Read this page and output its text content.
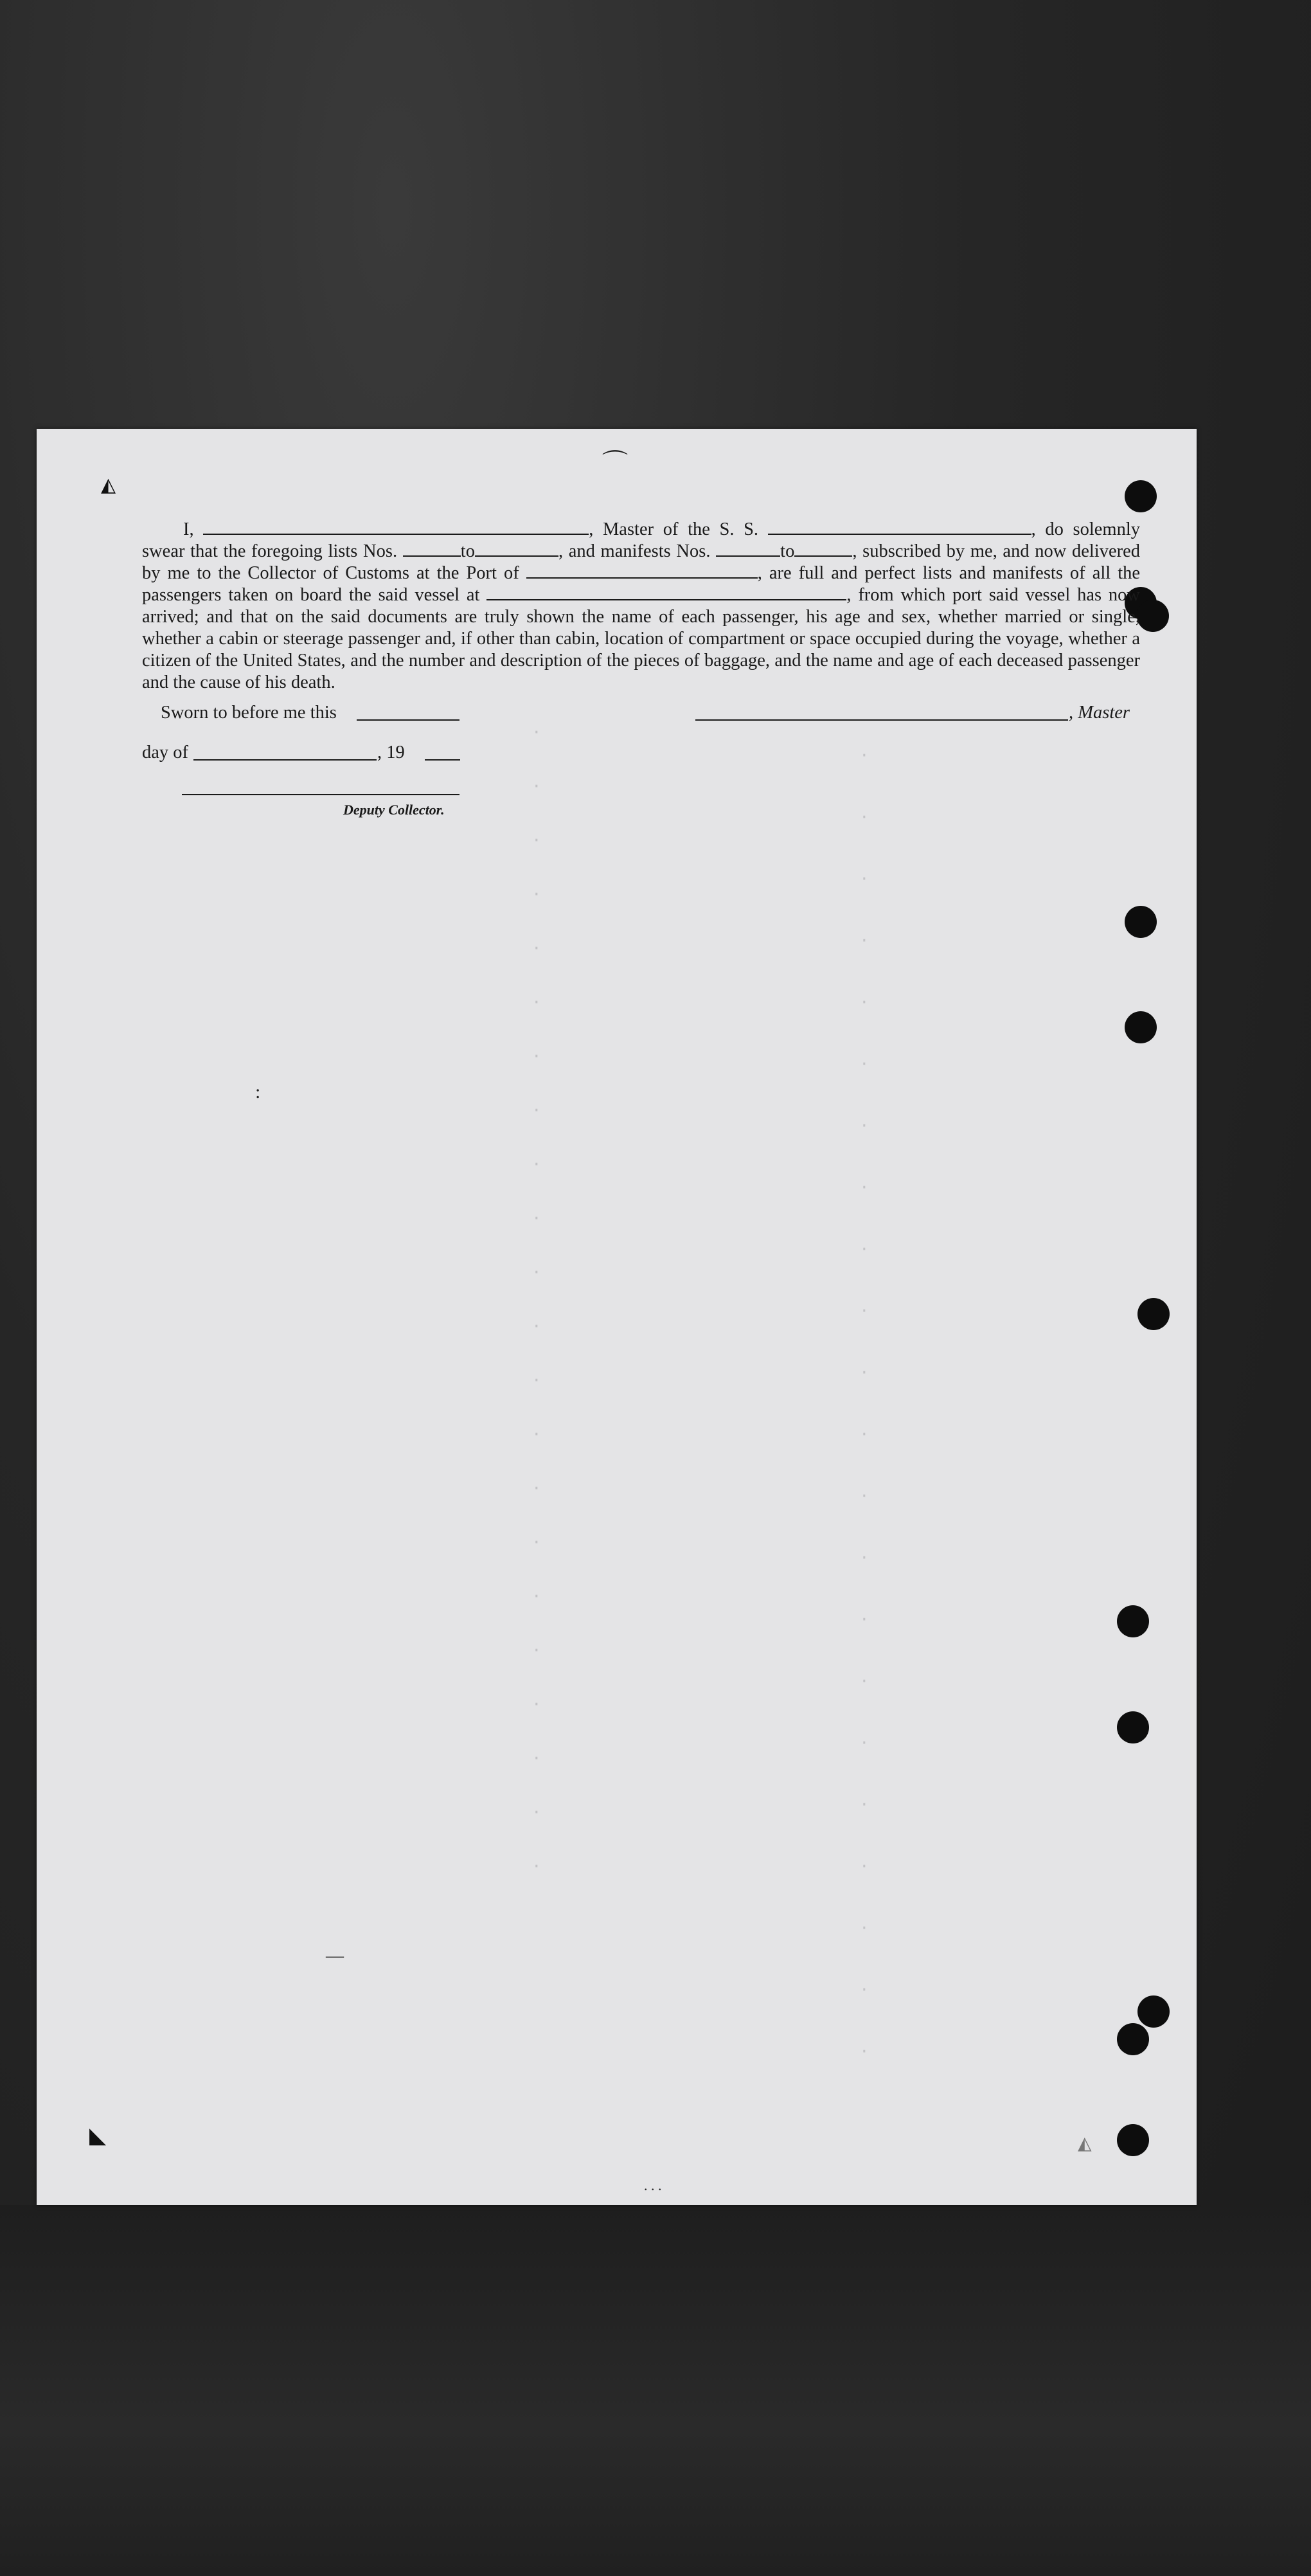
·
·
·
·
·
·
·
·
·
·
·
·
·
·
·
·
·
·
·
·
·
·
·
·
·
·
·
·
·
·
·
·
·
·
·
·
·
·
·
·
·
·
·
·
I,	, Master of the S. S.	, do solemnly swear that the foregoing lists Nos.	to	, and manifests Nos.	to	, subscribed by me, and now delivered by me to the Collector of Customs at the Port of	, are full and perfect lists and manifests of all the passengers taken on board the said vessel at	, from which port said vessel has now arrived; and that on the said documents are truly shown the name of each passenger, his age and sex, whether married or single, whether a cabin or steerage passenger and, if other than cabin, location of compartment or space occupied during the voyage, whether a citizen of the United States, and the number and description of the pieces of baggage, and the name and age of each deceased passenger and the cause of his death.
Sworn to before me this
day of	, 19
Deputy Collector.
, Master
◭
◣
⌒
:
—
. . .
◭
